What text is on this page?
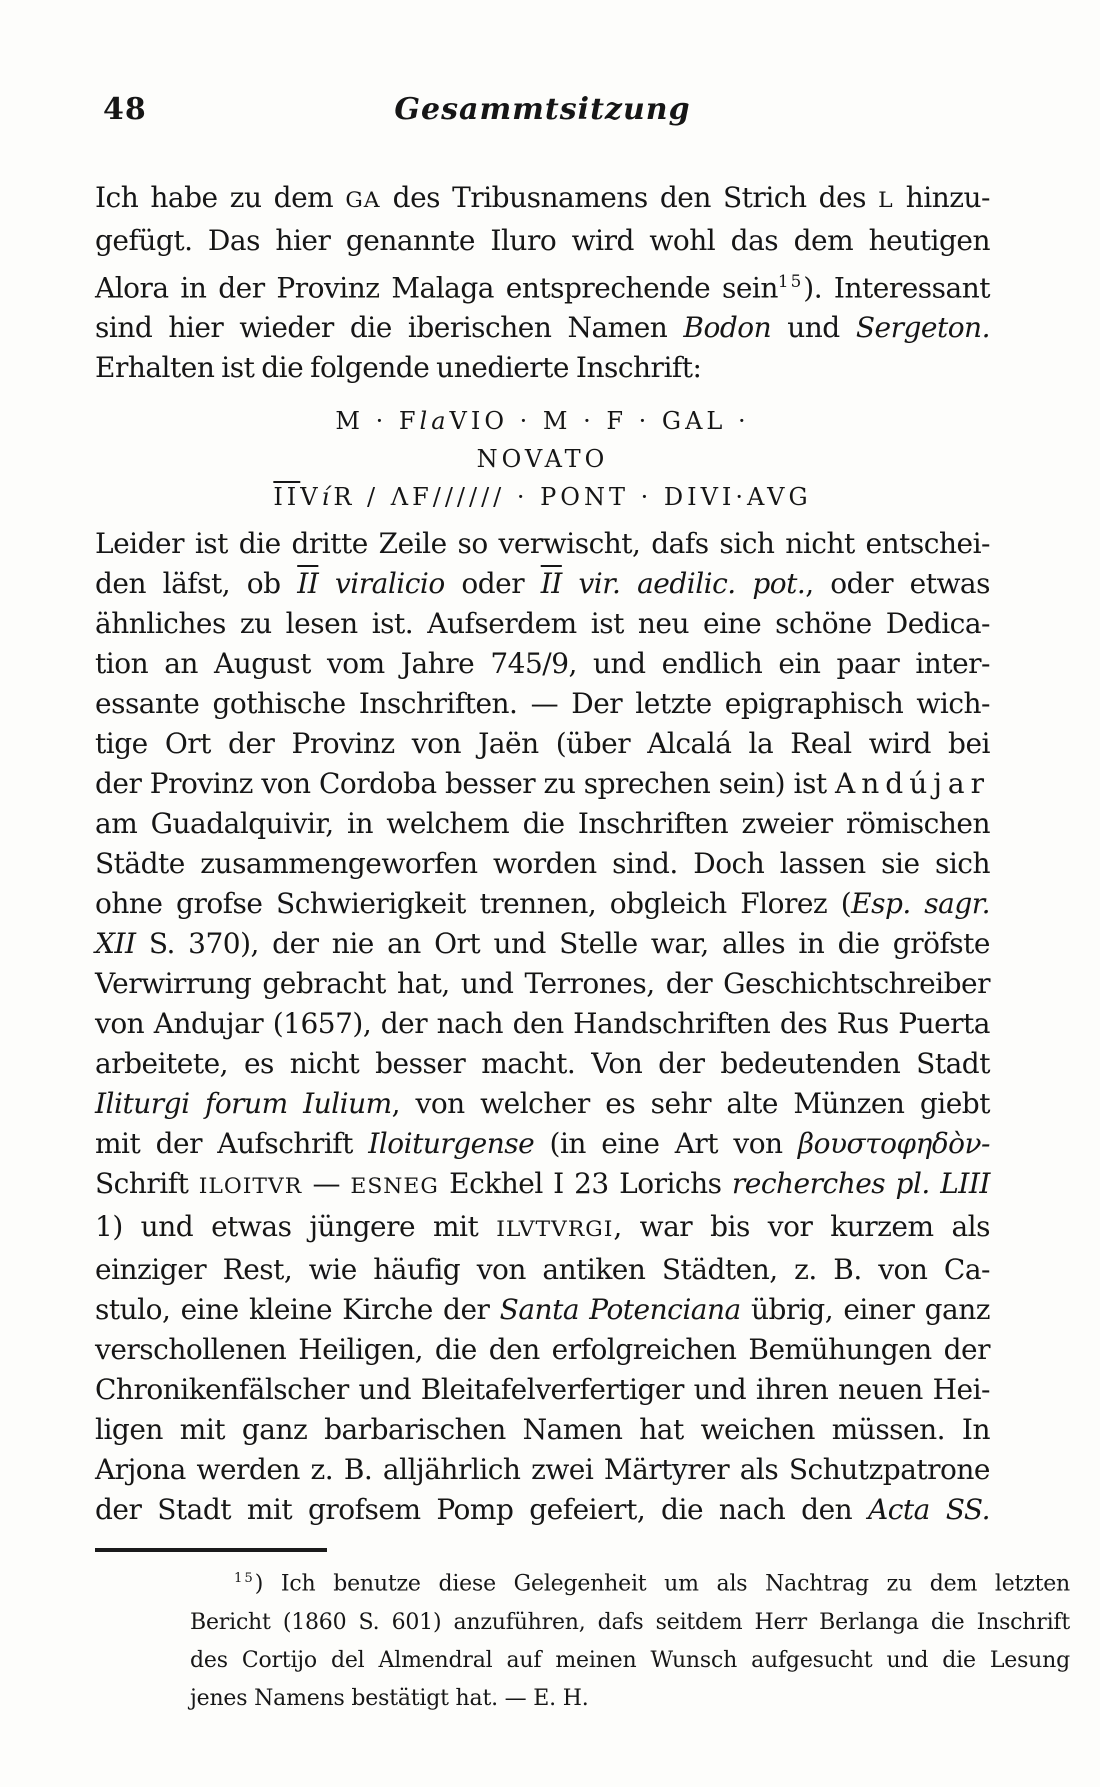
48	Gesammtsitzung
Ich habe zu dem GA des Tribusnamens den Strich des L hinzu-
gefügt. Das hier genannte Iluro wird wohl das dem heutigen
Alora in der Provinz Malaga entsprechende sein$^{15}$). Interessant
sind hier wieder die iberischen Namen Bodon und Sergeton.
Erhalten ist die folgende unedierte Inschrift:
M · FlaVIO · M · F · GAL ·
NOVATO
$\overline{II}VíR / \Lambda F//////$ · PONT · DIVI·AVG
Leider ist die dritte Zeile so verwischt, dafs sich nicht entschei-
den läfst, ob $\overline{II}$ viralicio oder $\overline{II}$ vir. aedilic. pot., oder etwas
ähnliches zu lesen ist. Aufserdem ist neu eine schöne Dedica-
tion an August vom Jahre 745/9, und endlich ein paar inter-
essante gothische Inschriften. — Der letzte epigraphisch wich-
tige Ort der Provinz von Jaën (über Alcalá la Real wird bei
der Provinz von Cordoba besser zu sprechen sein) ist Andújar
am Guadalquivir, in welchem die Inschriften zweier römischen
Städte zusammengeworfen worden sind. Doch lassen sie sich
ohne grofse Schwierigkeit trennen, obgleich Florez (Esp. sagr.
XII S. 370), der nie an Ort und Stelle war, alles in die gröfste
Verwirrung gebracht hat, und Terrones, der Geschichtschreiber
von Andujar (1657), der nach den Handschriften des Rus Puerta
arbeitete, es nicht besser macht. Von der bedeutenden Stadt
Iliturgi forum Iulium, von welcher es sehr alte Münzen giebt
mit der Aufschrift Iloiturgense (in eine Art von βουστοφηδὸν-
Schrift ILOITVR — ESNEG Eckhel I 23 Lorichs recherches pl. LIII
1) und etwas jüngere mit ILVTVRGI, war bis vor kurzem als
einziger Rest, wie häufig von antiken Städten, z. B. von Ca-
stulo, eine kleine Kirche der Santa Potenciana übrig, einer ganz
verschollenen Heiligen, die den erfolgreichen Bemühungen der
Chronikenfälscher und Bleitafelverfertiger und ihren neuen Hei-
ligen mit ganz barbarischen Namen hat weichen müssen. In
Arjona werden z. B. alljährlich zwei Märtyrer als Schutzpatrone
der Stadt mit grofsem Pomp gefeiert, die nach den Acta SS.
$^{15}$) Ich benutze diese Gelegenheit um als Nachtrag zu dem letzten
Bericht (1860 S. 601) anzuführen, dafs seitdem Herr Berlanga die Inschrift
des Cortijo del Almendral auf meinen Wunsch aufgesucht und die Lesung
jenes Namens bestätigt hat. — E. H.
